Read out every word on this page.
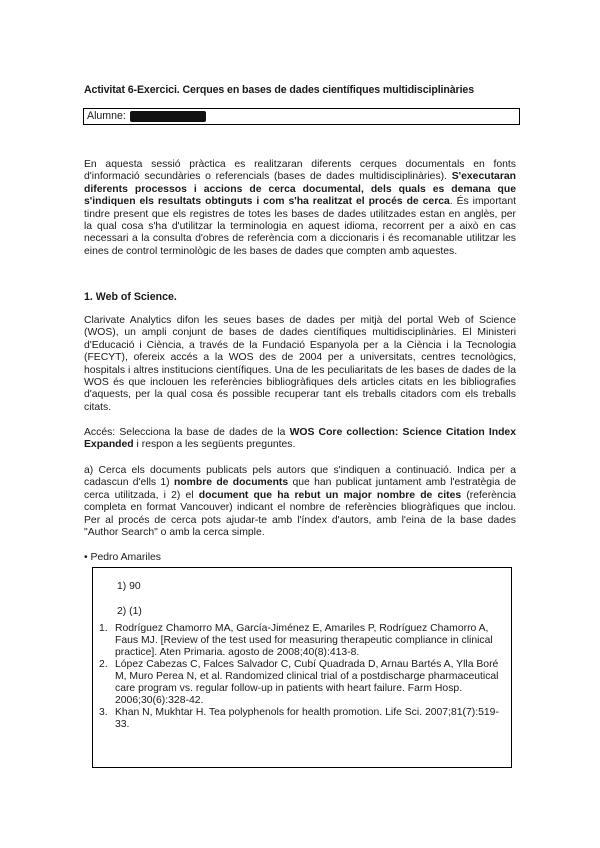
Activitat 6-Exercici. Cerques en bases de dades científiques multidisciplinàries
Alumne:
En aquesta sessió pràctica es realitzaran diferents cerques documentals en fonts d'informació secundàries o referencials (bases de dades multidisciplinàries). S'executaran diferents processos i accions de cerca documental, dels quals es demana que s'indiquen els resultats obtinguts i com s'ha realitzat el procés de cerca. És important tindre present que els registres de totes les bases de dades utilitzades estan en anglès, per la qual cosa s'ha d'utilitzar la terminologia en aquest idioma, recorrent per a això en cas necessari a la consulta d'obres de referència com a diccionaris i és recomanable utilitzar les eines de control terminològic de les bases de dades que compten amb aquestes.
1. Web of Science.
Clarivate Analytics difon les seues bases de dades per mitjà del portal Web of Science (WOS), un ampli conjunt de bases de dades científiques multidisciplinàries. El Ministeri d'Educació i Ciència, a través de la Fundació Espanyola per a la Ciència i la Tecnologia (FECYT), ofereix accés a la WOS des de 2004 per a universitats, centres tecnològics, hospitals i altres institucions científiques. Una de les peculiaritats de les bases de dades de la WOS és que inclouen les referències bibliogràfiques dels articles citats en les bibliografies d'aquests, per la qual cosa és possible recuperar tant els treballs citadors com els treballs citats.
Accés: Selecciona la base de dades de la WOS Core collection: Science Citation Index Expanded i respon a les següents preguntes.
a) Cerca els documents publicats pels autors que s'indiquen a continuació. Indica per a cadascun d'ells 1) nombre de documents que han publicat juntament amb l'estratègia de cerca utilitzada, i 2) el document que ha rebut un major nombre de cites (referència completa en format Vancouver) indicant el nombre de referències bliogràfiques que inclou. Per al procés de cerca pots ajudar-te amb l'índex d'autors, amb l'eina de la base dades "Author Search" o amb la cerca simple.
• Pedro Amariles
1) 90
2) (1)
1. Rodríguez Chamorro MA, García-Jiménez E, Amariles P, Rodríguez Chamorro A, Faus MJ. [Review of the test used for measuring therapeutic compliance in clinical practice]. Aten Primaria. agosto de 2008;40(8):413-8.
2. López Cabezas C, Falces Salvador C, Cubí Quadrada D, Arnau Bartés A, Ylla Boré M, Muro Perea N, et al. Randomized clinical trial of a postdischarge pharmaceutical care program vs. regular follow-up in patients with heart failure. Farm Hosp. 2006;30(6):328-42.
3. Khan N, Mukhtar H. Tea polyphenols for health promotion. Life Sci. 2007;81(7):519-33.
